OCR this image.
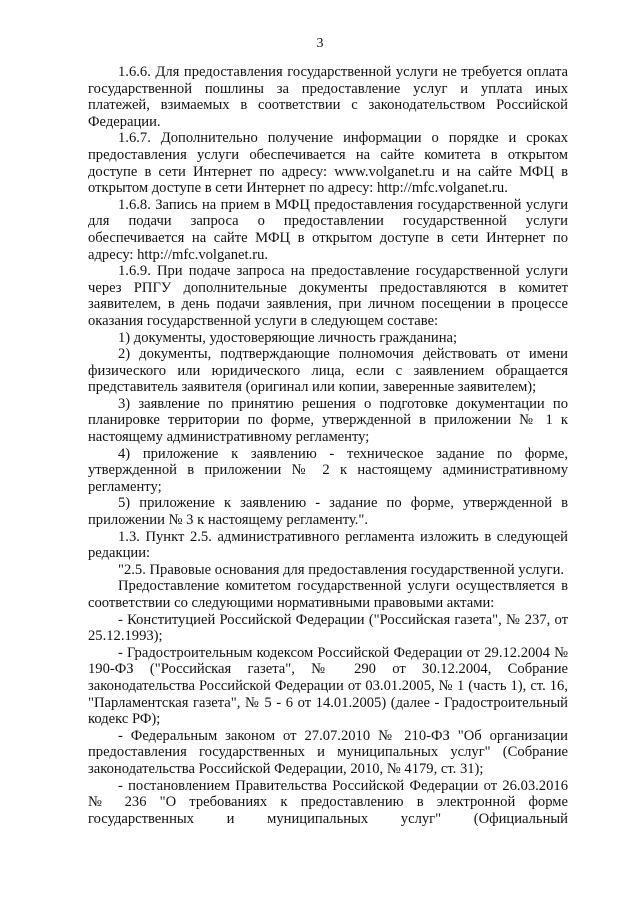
3

1.6.6. Для предоставления государственной услуги не требуется оплата государственной пошлины за предоставление услуг и уплата иных платежей, взимаемых в соответствии с законодательством Российской Федерации.

1.6.7. Дополнительно получение информации о порядке и сроках предоставления услуги обеспечивается на сайте комитета в открытом доступе в сети Интернет по адресу: www.volganet.ru и на сайте МФЦ в открытом доступе в сети Интернет по адресу: http://mfc.volganet.ru.

1.6.8. Запись на прием в МФЦ предоставления государственной услуги для подачи запроса о предоставлении государственной услуги обеспечивается на сайте МФЦ в открытом доступе в сети Интернет по адресу: http://mfc.volganet.ru.

1.6.9. При подаче запроса на предоставление государственной услуги через РПГУ дополнительные документы предоставляются в комитет заявителем, в день подачи заявления, при личном посещении в процессе оказания государственной услуги в следующем составе:

1) документы, удостоверяющие личность гражданина;

2) документы, подтверждающие полномочия действовать от имени физического или юридического лица, если с заявлением обращается представитель заявителя (оригинал или копии, заверенные заявителем);

3) заявление по принятию решения о подготовке документации по планировке территории по форме, утвержденной в приложении № 1 к настоящему административному регламенту;

4) приложение к заявлению - техническое задание по форме, утвержденной в приложении № 2 к настоящему административному регламенту;

5) приложение к заявлению - задание по форме, утвержденной в приложении № 3 к настоящему регламенту.".

1.3. Пункт 2.5. административного регламента изложить в следующей редакции:

"2.5. Правовые основания для предоставления государственной услуги.

Предоставление комитетом государственной услуги осуществляется в соответствии со следующими нормативными правовыми актами:

- Конституцией Российской Федерации ("Российская газета", № 237, от 25.12.1993);

- Градостроительным кодексом Российской Федерации от 29.12.2004 № 190-ФЗ ("Российская газета", № 290 от 30.12.2004, Собрание законодательства Российской Федерации от 03.01.2005, № 1 (часть 1), ст. 16, "Парламентская газета", № 5 - 6 от 14.01.2005) (далее - Градостроительный кодекс РФ);

- Федеральным законом от 27.07.2010 № 210-ФЗ "Об организации предоставления государственных и муниципальных услуг" (Собрание законодательства Российской Федерации, 2010, № 4179, ст. 31);

- постановлением Правительства Российской Федерации от 26.03.2016 № 236 "О требованиях к предоставлению в электронной форме государственных и муниципальных услуг" (Официальный
